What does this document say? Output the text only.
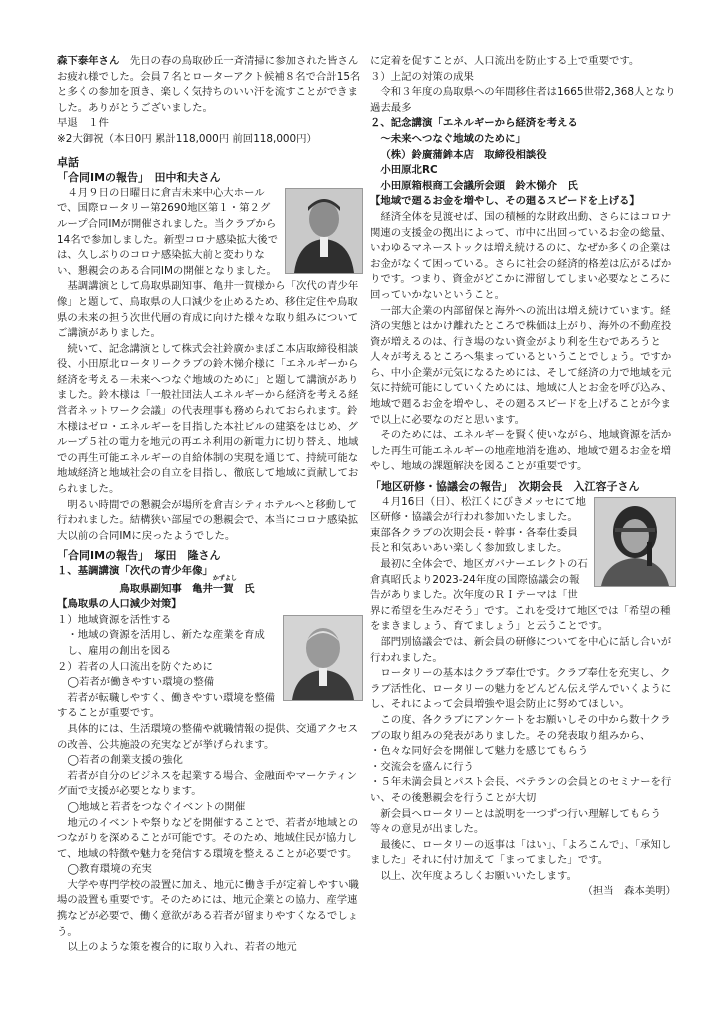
森下泰年さん　 先日の春の鳥取砂丘一斉清掃に参加された皆さんお疲れ様でした。会員７名とローターアクト候補８名で合計15名と多くの参加を頂き、楽しく気持ちのいい汗を流すことができました。ありがとうございました。

早退　１件

※2大御祝（本日0円 累計118,000円 前回118,000円）

卓話

「合同IMの報告」　 田中和夫さん

４月９日の日曜日に倉吉未来中心大ホールで、国際ロータリー第2690地区第１・第２グループ合同IMが開催されました。当クラブから14名で参加しました。新型コロナ感染拡大後では、久しぶりのコロナ感染拡大前と変わりない、懇親会のある合同IMの開催となりました。

基調講演として鳥取県副知事、亀井一賀様から「次代の青少年像」と題して、鳥取県の人口減少を止めるため、移住定住や鳥取県の未来の担う次世代層の育成に向けた様々な取り組みについてご講演がありました。

続いて、記念講演として株式会社鈴廣かまぼこ本店取締役相談役、小田原北ロータリークラブの鈴木悌介様に「エネルギーから経済を考える－未来へつなぐ地域のために」と題して講演がありました。鈴木様は「一般社団法人エネルギーから経済を考える経営者ネットワーク会議」の代表理事も務められておられます。鈴木様はゼロ・エネルギーを目指した本社ビルの建築をはじめ、グループ５社の電力を地元の再エネ利用の新電力に切り替え、地域での再生可能エネルギーの自給体制の実現を通じて、持続可能な地域経済と地域社会の自立を目指し、徹底して地域に貢献しておられました。

明るい時間での懇親会が場所を倉吉シティホテルへと移動して行われました。結構狭い部屋での懇親会で、本当にコロナ感染拡大以前の合同IMに戻ったようでした。

「合同IMの報告」　 塚田　隆さん

１、基調講演「次代の青少年像」

鳥取県副知事　亀井
かずよし
一賀　 氏

【鳥取県の人口減少対策】

１）地域資源を活性する

・地域の資源を活用し、新たな産業を育成し、雇用の創出を図る

２）若者の人口流出を防ぐために

◯若者が働きやすい環境の整備

若者が転職しやすく、働きやすい環境を整備することが重要です。

具体的には、生活環境の整備や就職情報の提供、交通アクセスの改善、公共施設の充実などが挙げられます。

◯若者の創業支援の強化

若者が自分のビジネスを起業する場合、金融面やマーケティング面で支援が必要となります。

◯地域と若者をつなぐイベントの開催

地元のイベントや祭りなどを開催することで、若者が地域とのつながりを深めることが可能です。そのため、地域住民が協力して、地域の特徴や魅力を発信する環境を整えることが必要です。

◯教育環境の充実

大学や専門学校の設置に加え、地元に働き手が定着しやすい職場の設置も重要です。そのためには、地元企業との協力、産学連携などが必要で、働く意欲がある若者が留まりやすくなるでしょう。

以上のような策を複合的に取り入れ、若者の地元

に定着を促すことが、人口流出を防止する上で重要です。

３）上記の対策の成果

令和３年度の鳥取県への年間移住者は1665世帯2,368人となり過去最多

２、記念講演「エネルギーから経済を考える

～未来へつなぐ地域のために」

（株）鈴廣蒲鉾本店　取締役相談役

小田原北RC

小田原箱根商工会議所会頭　鈴木悌介　氏

【地域で廻るお金を増やし、その廻るスピードを上げる】

経済全体を見渡せば、国の積極的な財政出動、さらにはコロナ関連の支援金の拠出によって、市中に出回っているお金の総量、いわゆるマネーストックは増え続けるのに、なぜか多くの企業はお金がなくて困っている。さらに社会の経済的格差は広がるばかりです。つまり、資金がどこかに滞留してしまい必要なところに回っていかないということ。

一部大企業の内部留保と海外への流出は増え続けています。経済の実態とはかけ離れたところで株価は上がり、海外の不動産投資が増えるのは、行き場のない資金がより利を生むであろうと人々が考えるところへ集まっているということでしょう。ですから、中小企業が元気になるためには、そして経済の力で地域を元気に持続可能にしていくためには、地域に人とお金を呼び込み、地域で廻るお金を増やし、その廻るスピードを上げることが今まで以上に必要なのだと思います。

そのためには、エネルギーを賢く使いながら、地域資源を活かした再生可能エネルギーの地産地消を進め、地域で廻るお金を増やし、地域の課題解決を図ることが重要です。

「地区研修・協議会の報告」　 次期会長　 入江容子さん

４月16日（日）、松江くにびきメッセにて地区研修・協議会が行われ参加いたしました。東部各クラブの次期会長・幹事・各奉仕委員長と和気あいあい楽しく参加致しました。

最初に全体会で、地区ガバナーエレクトの石倉真昭氏より2023-24年度の国際協議会の報告がありました。次年度のＲＩテーマは「世界に希望を生みだそう」です。これを受けて地区では「希望の種をまきましょう、育てましょう」と云うことです。

部門別協議会では、新会員の研修についてを中心に話し合いが行われました。

ロータリーの基本はクラブ奉仕です。クラブ奉仕を充実し、クラブ活性化、ロータリーの魅力をどんどん伝え学んでいくようにし、それによって会員増強や退会防止に努めてほしい。

この度、各クラブにアンケートをお願いしその中から数十クラブの取り組みの発表がありました。その発表取り組みから、

・色々な同好会を開催して魅力を感じてもらう

・交流会を盛んに行う

・５年未満会員とパスト会長、ベテランの会員とのセミナーを行い、その後懇親会を行うことが大切

新会員へロータリーとは説明を一つずつ行い理解してもらう等々の意見が出ました。

最後に、ロータリーの返事は「はい」、「よろこんで」、「承知しました」それに付け加えて「まってました」です。

以上、次年度よろしくお願いいたします。

（担当　森本美明）
